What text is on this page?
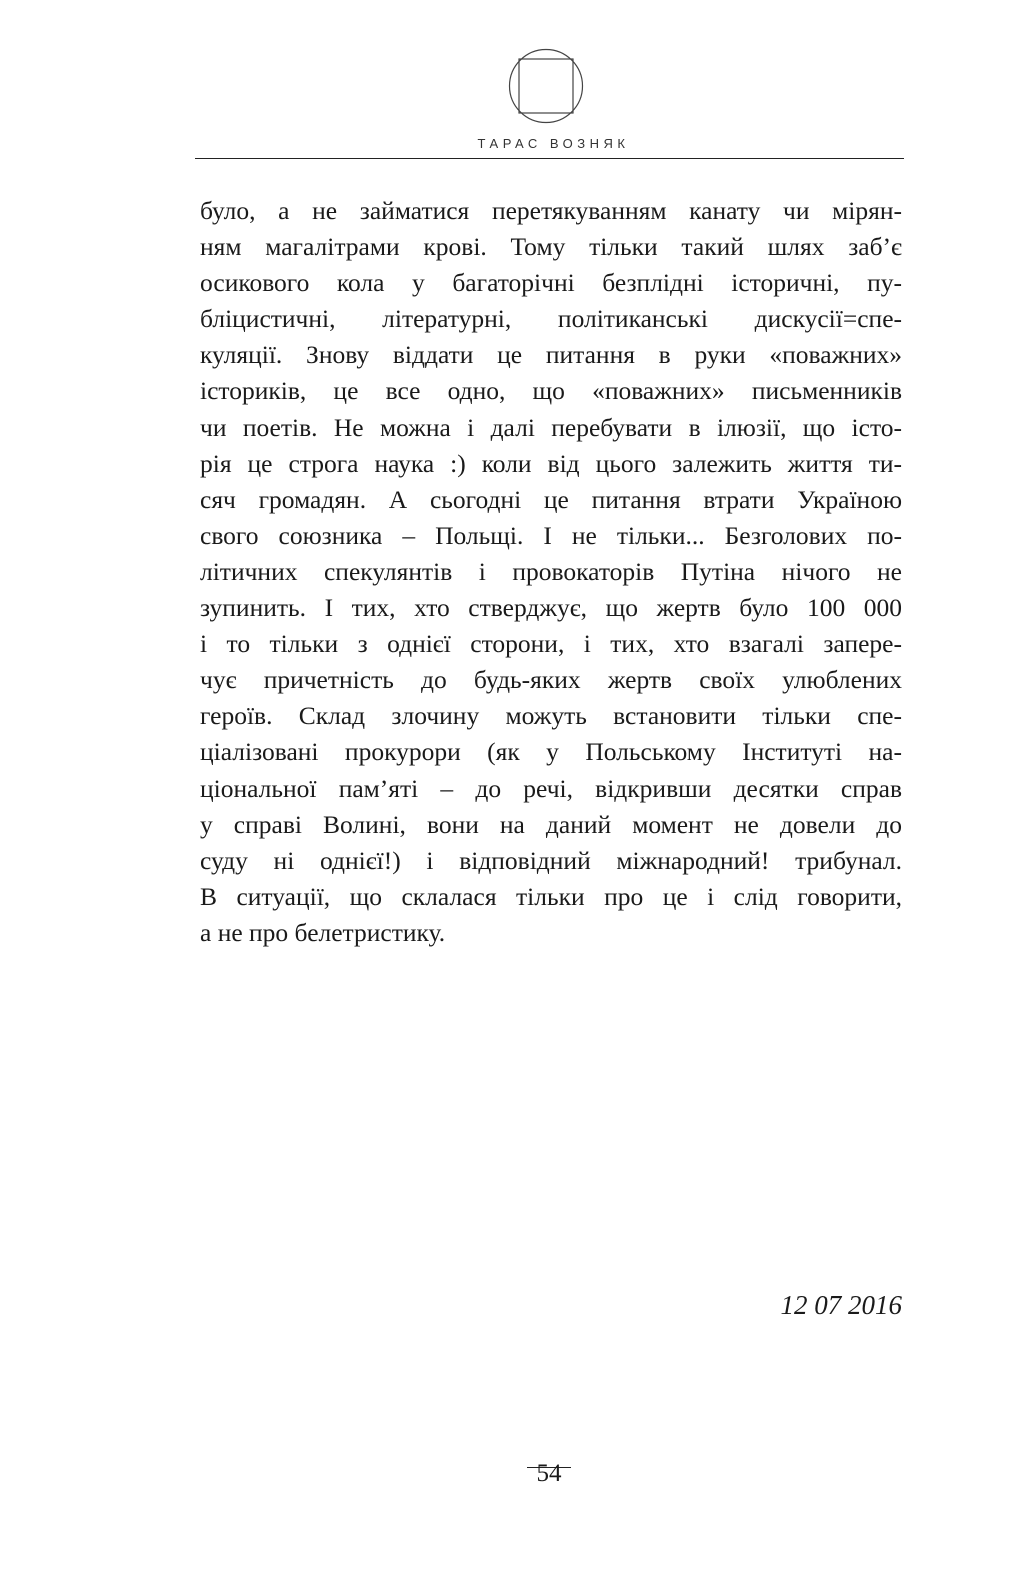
ТАРАС ВОЗНЯК
було, а не займатися перетякуванням канату чи мірян-
ням магалітрами крові. Тому тільки такий шлях заб’є
осикового кола у багаторічні безплідні історичні, пу-
бліцистичні, літературні, політиканські дискусії=спе-
куляції. Знову віддати це питання в руки «поважних»
істориків, це все одно, що «поважних» письменників
чи поетів. Не можна і далі перебувати в ілюзії, що істо-
рія це строга наука :) коли від цього залежить життя ти-
сяч громадян. А сьогодні це питання втрати Україною
свого союзника – Польщі. І не тільки... Безголових по-
літичних спекулянтів і провокаторів Путіна нічого не
зупинить. І тих, хто стверджує, що жертв було 100 000
і то тільки з однієї сторони, і тих, хто взагалі запере-
чує причетність до будь-яких жертв своїх улюблених
героїв. Склад злочину можуть встановити тільки спе-
ціалізовані прокурори (як у Польському Інституті на-
ціональної пам’яті – до речі, відкривши десятки справ
у справі Волині, вони на даний момент не довели до
суду ні однієї!) і відповідний міжнародний! трибунал.
В ситуації, що склалася тільки про це і слід говорити,
а не про белетристику.
12 07 2016
54
